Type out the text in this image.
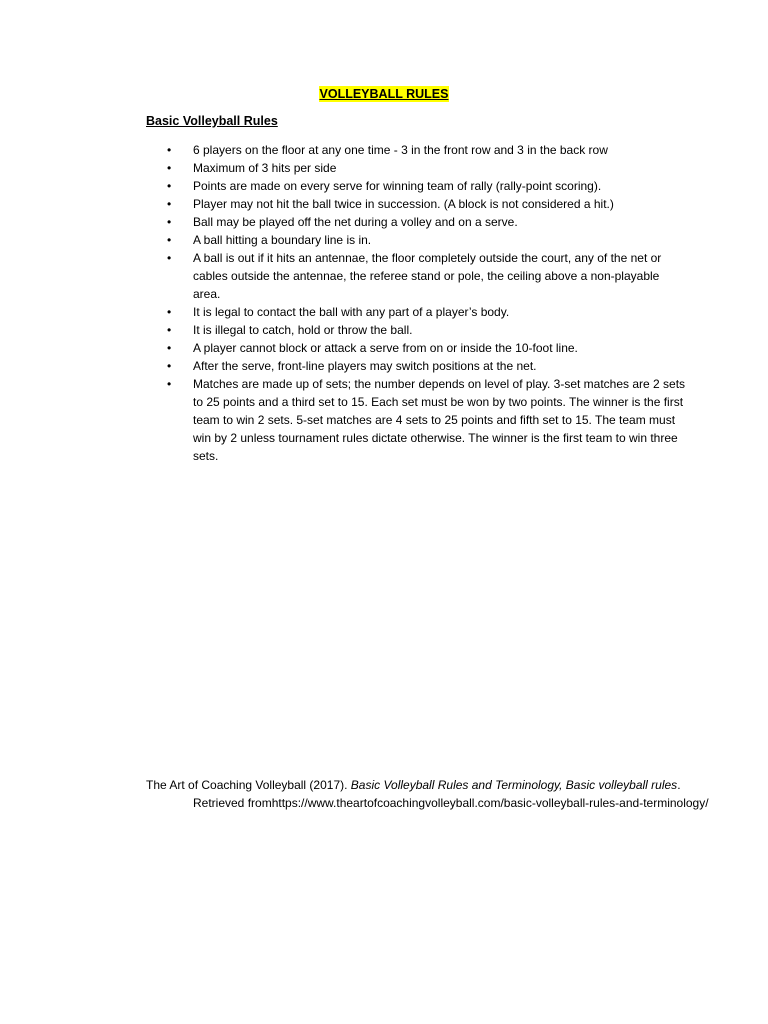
VOLLEYBALL RULES
Basic Volleyball Rules
• 6 players on the floor at any one time - 3 in the front row and 3 in the back row
• Maximum of 3 hits per side
• Points are made on every serve for winning team of rally (rally-point scoring).
• Player may not hit the ball twice in succession. (A block is not considered a hit.)
• Ball may be played off the net during a volley and on a serve.
• A ball hitting a boundary line is in.
• A ball is out if it hits an antennae, the floor completely outside the court, any of the net or cables outside the antennae, the referee stand or pole, the ceiling above a non-playable area.
• It is legal to contact the ball with any part of a player’s body.
• It is illegal to catch, hold or throw the ball.
• A player cannot block or attack a serve from on or inside the 10-foot line.
• After the serve, front-line players may switch positions at the net.
• Matches are made up of sets; the number depends on level of play. 3-set matches are 2 sets to 25 points and a third set to 15. Each set must be won by two points. The winner is the first team to win 2 sets. 5-set matches are 4 sets to 25 points and fifth set to 15. The team must win by 2 unless tournament rules dictate otherwise. The winner is the first team to win three sets.
The Art of Coaching Volleyball (2017). Basic Volleyball Rules and Terminology, Basic volleyball rules. Retrieved fromhttps://www.theartofcoachingvolleyball.com/basic-volleyball-rules-and-terminology/
